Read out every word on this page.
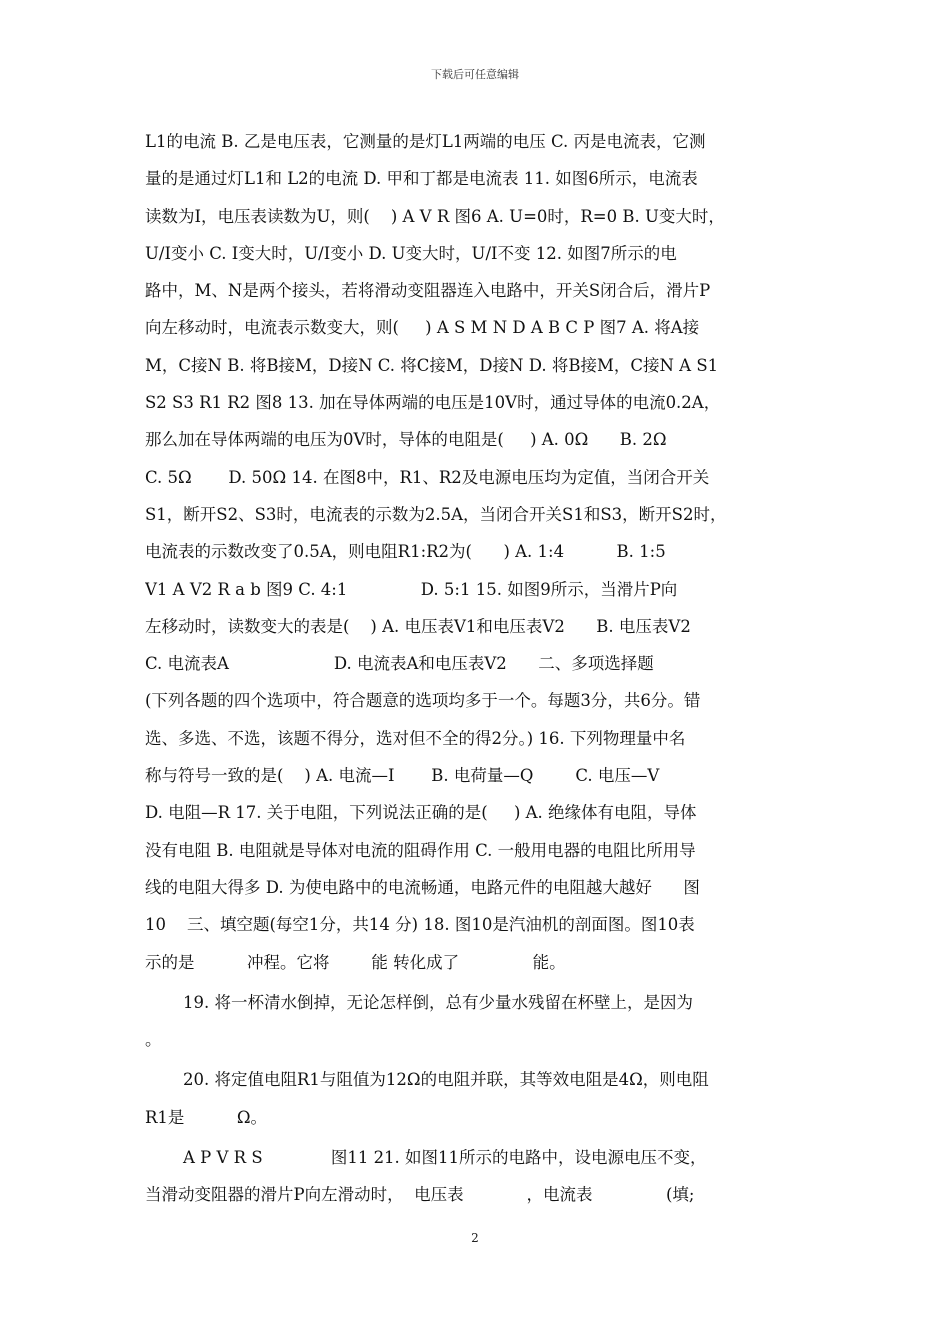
下载后可任意编辑
L1的电流 B. 乙是电压表，它测量的是灯L1两端的电压 C. 丙是电流表，它测
量的是通过灯L1和 L2的电流 D. 甲和丁都是电流表 11. 如图6所示，电流表
读数为I，电压表读数为U，则(    ) A V R 图6 A. U=0时，R=0 B. U变大时，
U/I变小 C. I变大时，U/I变小 D. U变大时，U/I不变 12. 如图7所示的电
路中，M、N是两个接头，若将滑动变阻器连入电路中，开关S闭合后，滑片P
向左移动时，电流表示数变大，则(     ) A S M N D A B C P 图7 A. 将A接
M，C接N B. 将B接M，D接N C. 将C接M，D接N D. 将B接M，C接N A S1
S2 S3 R1 R2 图8 13. 加在导体两端的电压是10V时，通过导体的电流0.2A，
那么加在导体两端的电压为0V时，导体的电阻是(     ) A. 0Ω      B. 2Ω
C. 5Ω       D. 50Ω 14. 在图8中，R1、R2及电源电压均为定值，当闭合开关
S1，断开S2、S3时，电流表的示数为2.5A，当闭合开关S1和S3，断开S2时，
电流表的示数改变了0.5A，则电阻R1:R2为(      ) A. 1:4          B. 1:5
V1 A V2 R a b 图9 C. 4:1              D. 5:1 15. 如图9所示，当滑片P向
左移动时，读数变大的表是(    ) A. 电压表V1和电压表V2      B. 电压表V2
C. 电流表A                    D. 电流表A和电压表V2      二、多项选择题
(下列各题的四个选项中，符合题意的选项均多于一个。每题3分，共6分。错
选、多选、不选，该题不得分，选对但不全的得2分。) 16. 下列物理量中名
称与符号一致的是(    ) A. 电流—I       B. 电荷量—Q        C. 电压—V
D. 电阻—R 17. 关于电阻，下列说法正确的是(     ) A. 绝缘体有电阻，导体
没有电阻 B. 电阻就是导体对电流的阻碍作用 C. 一般用电器的电阻比所用导
线的电阻大得多 D. 为使电路中的电流畅通，电路元件的电阻越大越好      图
10    三、填空题(每空1分，共14 分) 18. 图10是汽油机的剖面图。图10表
示的是          冲程。它将        能 转化成了              能。
19. 将一杯清水倒掉，无论怎样倒，总有少量水残留在杯壁上，是因为
。
20. 将定值电阻R1与阻值为12Ω的电阻并联，其等效电阻是4Ω，则电阻
R1是          Ω。
A P V R S             图11 21. 如图11所示的电路中，设电源电压不变，
当滑动变阻器的滑片P向左滑动时，  电压表            ，电流表              (填;
2
